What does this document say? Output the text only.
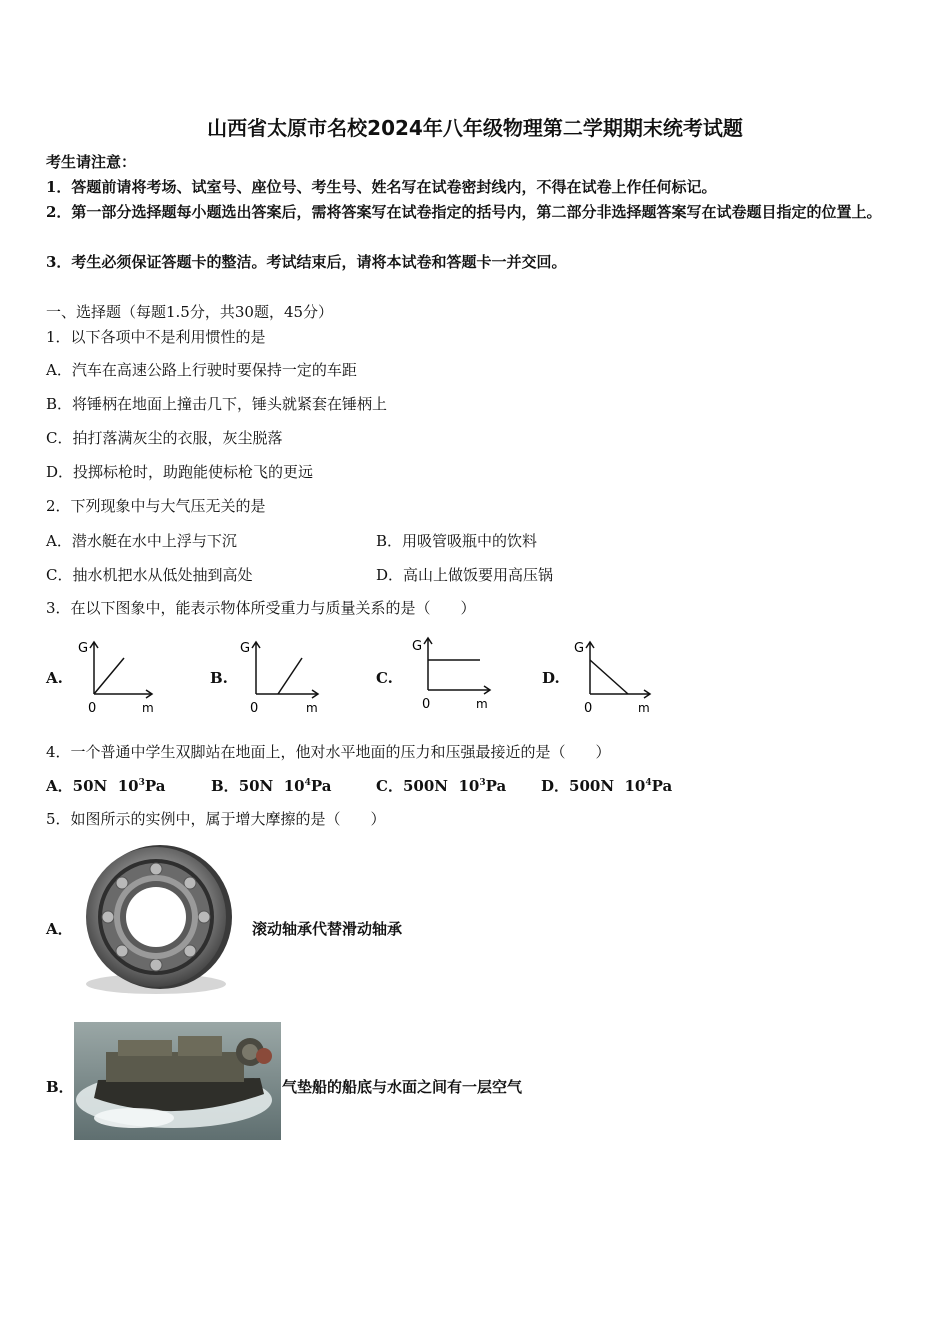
山西省太原市名校2024年八年级物理第二学期期末统考试题
考生请注意：
1．答题前请将考场、试室号、座位号、考生号、姓名写在试卷密封线内，不得在试卷上作任何标记。
2．第一部分选择题每小题选出答案后，需将答案写在试卷指定的括号内，第二部分非选择题答案写在试卷题目指定的位置上。
3．考生必须保证答题卡的整洁。考试结束后，请将本试卷和答题卡一并交回。
一、选择题（每题1.5分，共30题，45分）
1．以下各项中不是利用惯性的是
A．汽车在高速公路上行驶时要保持一定的车距
B．将锤柄在地面上撞击几下，锤头就紧套在锤柄上
C．拍打落满灰尘的衣服，灰尘脱落
D．投掷标枪时，助跑能使标枪飞的更远
2．下列现象中与大气压无关的是
A．潜水艇在水中上浮与下沉	B．用吸管吸瓶中的饮料
C．抽水机把水从低处抽到高处	D．高山上做饭要用高压锅
3．在以下图象中，能表示物体所受重力与质量关系的是（　　）
A.
G
0	m
B.
G
0	m
C.
G
0	m
D.
G
0	m
4．一个普通中学生双脚站在地面上，他对水平地面的压力和压强最接近的是（　　）
A．50N $10^3Pa$	B．50N $10^4Pa$	C．500N $10^3Pa$ D．500N $10^4Pa$
5．如图所示的实例中，属于增大摩擦的是（　　）
A．	滚动轴承代替滑动轴承
B．	气垫船的船底与水面之间有一层空气
